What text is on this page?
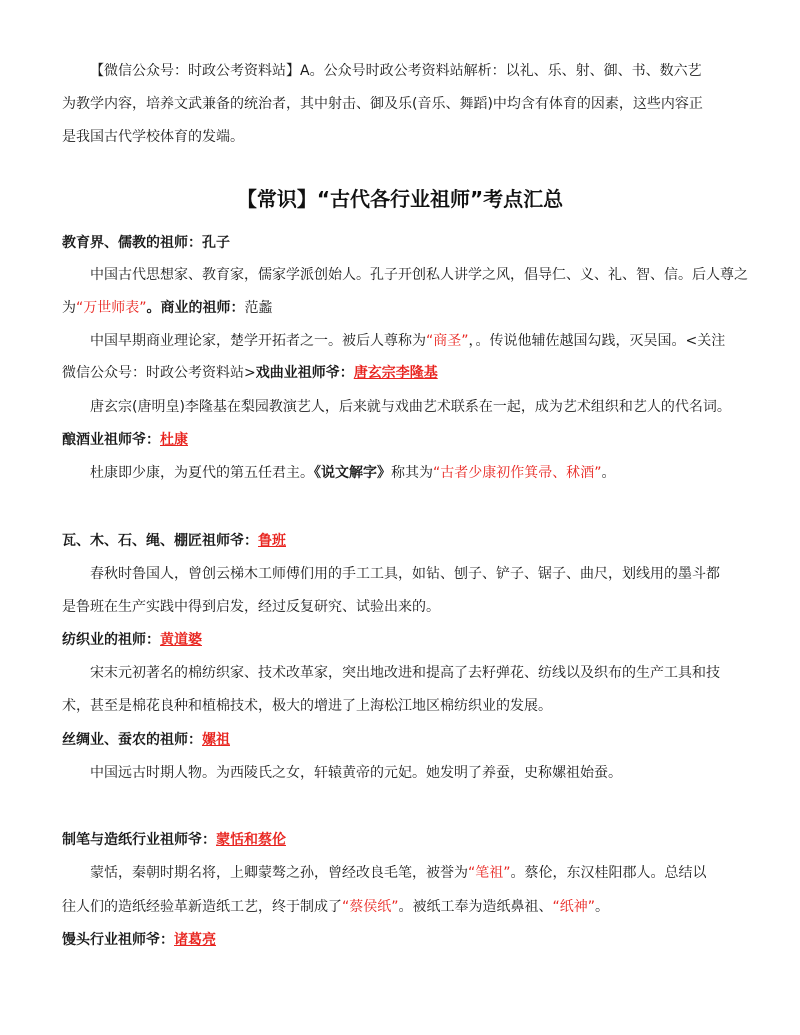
【微信公众号：时政公考资料站】A。公众号时政公考资料站解析：以礼、乐、射、御、书、数六艺
为教学内容，培养文武兼备的统治者，其中射击、御及乐(音乐、舞蹈)中均含有体育的因素，这些内容正
是我国古代学校体育的发端。
【常识】“古代各行业祖师”考点汇总
教育界、儒教的祖师：孔子
中国古代思想家、教育家，儒家学派创始人。孔子开创私人讲学之风，倡导仁、义、礼、智、信。后人尊之
为“万世师表”。商业的祖师：范蠡
中国早期商业理论家，楚学开拓者之一。被后人尊称为“商圣”，。传说他辅佐越国勾践，灭吴国。<关注
微信公众号：时政公考资料站>戏曲业祖师爷：唐玄宗李隆基
唐玄宗(唐明皇)李隆基在梨园教演艺人，后来就与戏曲艺术联系在一起，成为艺术组织和艺人的代名词。
酿酒业祖师爷：杜康
杜康即少康，为夏代的第五任君主。《说文解字》称其为“古者少康初作箕帚、秫酒”。
瓦、木、石、绳、棚匠祖师爷：鲁班
春秋时鲁国人，曾创云梯木工师傅们用的手工工具，如钻、刨子、铲子、锯子、曲尺，划线用的墨斗都
是鲁班在生产实践中得到启发，经过反复研究、试验出来的。
纺织业的祖师：黄道婆
宋末元初著名的棉纺织家、技术改革家，突出地改进和提高了去籽弹花、纺线以及织布的生产工具和技
术，甚至是棉花良种和植棉技术，极大的增进了上海松江地区棉纺织业的发展。
丝绸业、蚕农的祖师：嫘祖
中国远古时期人物。为西陵氏之女，轩辕黄帝的元妃。她发明了养蚕，史称嫘祖始蚕。
制笔与造纸行业祖师爷：蒙恬和蔡伦
蒙恬，秦朝时期名将，上卿蒙骜之孙，曾经改良毛笔，被誉为“笔祖”。蔡伦，东汉桂阳郡人。总结以
往人们的造纸经验革新造纸工艺，终于制成了“蔡侯纸”。被纸工奉为造纸鼻祖、“纸神”。
馒头行业祖师爷：诸葛亮
